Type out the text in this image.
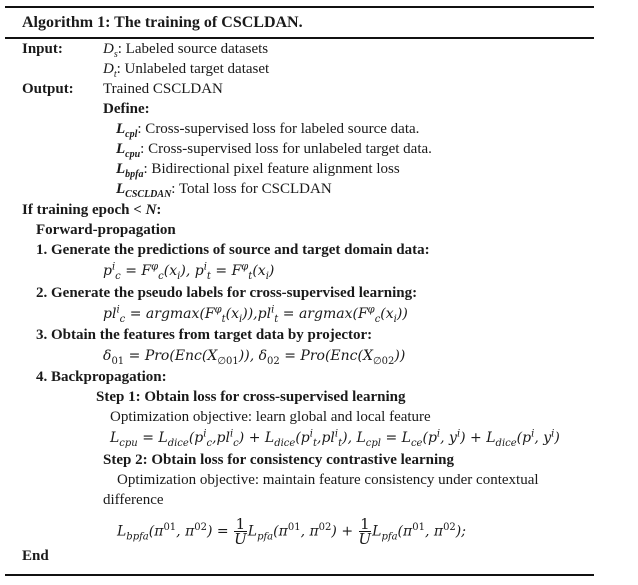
Algorithm 1: The training of CSCLDAN.
Input:	$D_s$: Labeled source datasets
$D_t$: Unlabeled target dataset
Output: Trained CSCLDAN
Define:
$L_{cpl}$: Cross-supervised loss for labeled source data.
$L_{cpu}$: Cross-supervised loss for unlabeled target data.
$L_{bpfa}$: Bidirectional pixel feature alignment loss
$L_{CSCLDAN}$: Total loss for CSCLDAN
If training epoch < N:
Forward-propagation
1. Generate the predictions of source and target domain data:
$p^i_c = F^\varphi_c(x_i)$, $p^i_t = F^\varphi_t(x_i)$
2. Generate the pseudo labels for cross-supervised learning:
$pl^i_c = argmax(F^\varphi_t(x_i)),pl^i_t = argmax(F^\varphi_c(x_i))$
3. Obtain the features from target data by projector:
$\delta_{01} = Pro(Enc(X_{\emptyset 01}))$, $\delta_{02} = Pro(Enc(X_{\emptyset 02}))$
4. Backpropagation:
Step 1: Obtain loss for cross-supervised learning
Optimization objective: learn global and local feature
$L_{cpu} = L_{dice}(p^i_c,pl^i_c) + L_{dice}(p^i_t,pl^i_t)$, $L_{cpl} = L_{ce}(p^i$, $y^i) + L_{dice}(p^i$, $y^i$)
Step 2: Obtain loss for consistency contrastive learning
Optimization objective: maintain feature consistency under contextual
difference
$L_{bpfa}(\pi^{01}$, $\pi^{02}) = \frac{1}{U} L_{pfa}(\pi^{01}$, $\pi^{02}) + \frac{1}{U} L_{pfa}(\pi^{01}$, $\pi^{02}$);
End
